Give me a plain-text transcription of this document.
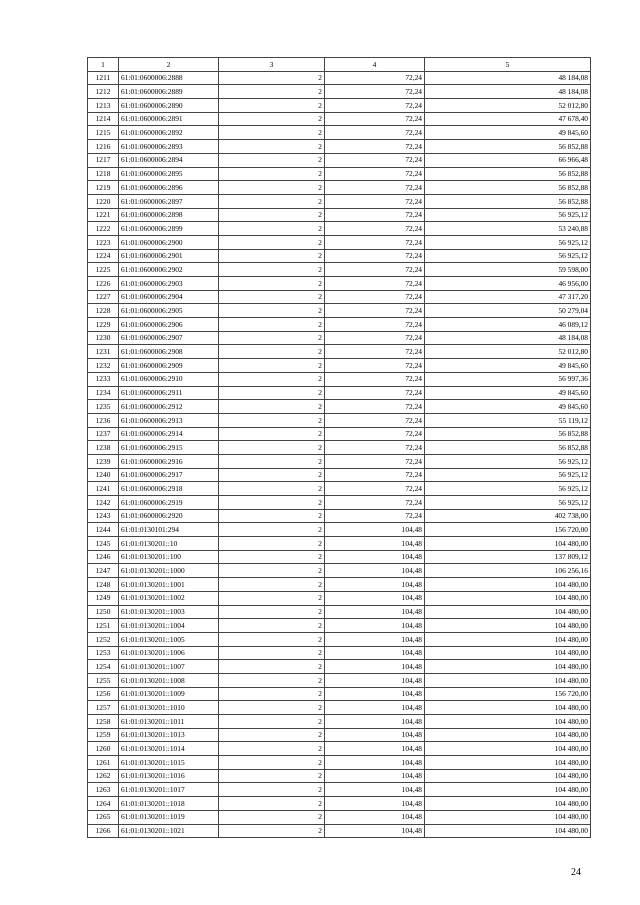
1	2	3	4	5
1211	61:01:0600006:2888	2	72,24	48 184,08
1212	61:01:0600006:2889	2	72,24	48 184,08
1213	61:01:0600006:2890	2	72,24	52 012,80
1214	61:01:0600006:2891	2	72,24	47 678,40
1215	61:01:0600006:2892	2	72,24	49 845,60
1216	61:01:0600006:2893	2	72,24	56 852,88
1217	61:01:0600006:2894	2	72,24	66 966,48
1218	61:01:0600006:2895	2	72,24	56 852,88
1219	61:01:0600006:2896	2	72,24	56 852,88
1220	61:01:0600006:2897	2	72,24	56 852,88
1221	61:01:0600006:2898	2	72,24	56 925,12
1222	61:01:0600006:2899	2	72,24	53 240,88
1223	61:01:0600006:2900	2	72,24	56 925,12
1224	61:01:0600006:2901	2	72,24	56 925,12
1225	61:01:0600006:2902	2	72,24	59 598,00
1226	61:01:0600006:2903	2	72,24	46 956,00
1227	61:01:0600006:2904	2	72,24	47 317,20
1228	61:01:0600006:2905	2	72,24	50 279,04
1229	61:01:0600006:2906	2	72,24	46 089,12
1230	61:01:0600006:2907	2	72,24	48 184,08
1231	61:01:0600006:2908	2	72,24	52 012,80
1232	61:01:0600006:2909	2	72,24	49 845,60
1233	61:01:0600006:2910	2	72,24	56 997,36
1234	61:01:0600006:2911	2	72,24	49 845,60
1235	61:01:0600006:2912	2	72,24	49 845,60
1236	61:01:0600006:2913	2	72,24	55 119,12
1237	61:01:0600006:2914	2	72,24	56 852,88
1238	61:01:0600006:2915	2	72,24	56 852,88
1239	61:01:0600006:2916	2	72,24	56 925,12
1240	61:01:0600006:2917	2	72,24	56 925,12
1241	61:01:0600006:2918	2	72,24	56 925,12
1242	61:01:0600006:2919	2	72,24	56 925,12
1243	61:01:0600006:2920	2	72,24	402 738,00
1244	61:01:0130101:294	2	104,48	156 720,00
1245	61:01:0130201::10	2	104,48	104 480,00
1246	61:01:0130201::100	2	104,48	137 809,12
1247	61:01:0130201::1000	2	104,48	106 256,16
1248	61:01:0130201::1001	2	104,48	104 480,00
1249	61:01:0130201::1002	2	104,48	104 480,00
1250	61:01:0130201::1003	2	104,48	104 480,00
1251	61:01:0130201::1004	2	104,48	104 480,00
1252	61:01:0130201::1005	2	104,48	104 480,00
1253	61:01:0130201::1006	2	104,48	104 480,00
1254	61:01:0130201::1007	2	104,48	104 480,00
1255	61:01:0130201::1008	2	104,48	104 480,00
1256	61:01:0130201::1009	2	104,48	156 720,00
1257	61:01:0130201::1010	2	104,48	104 480,00
1258	61:01:0130201::1011	2	104,48	104 480,00
1259	61:01:0130201::1013	2	104,48	104 480,00
1260	61:01:0130201::1014	2	104,48	104 480,00
1261	61:01:0130201::1015	2	104,48	104 480,00
1262	61:01:0130201::1016	2	104,48	104 480,00
1263	61:01:0130201::1017	2	104,48	104 480,00
1264	61:01:0130201::1018	2	104,48	104 480,00
1265	61:01:0130201::1019	2	104,48	104 480,00
1266	61:01:0130201::1021	2	104,48	104 480,00
24
